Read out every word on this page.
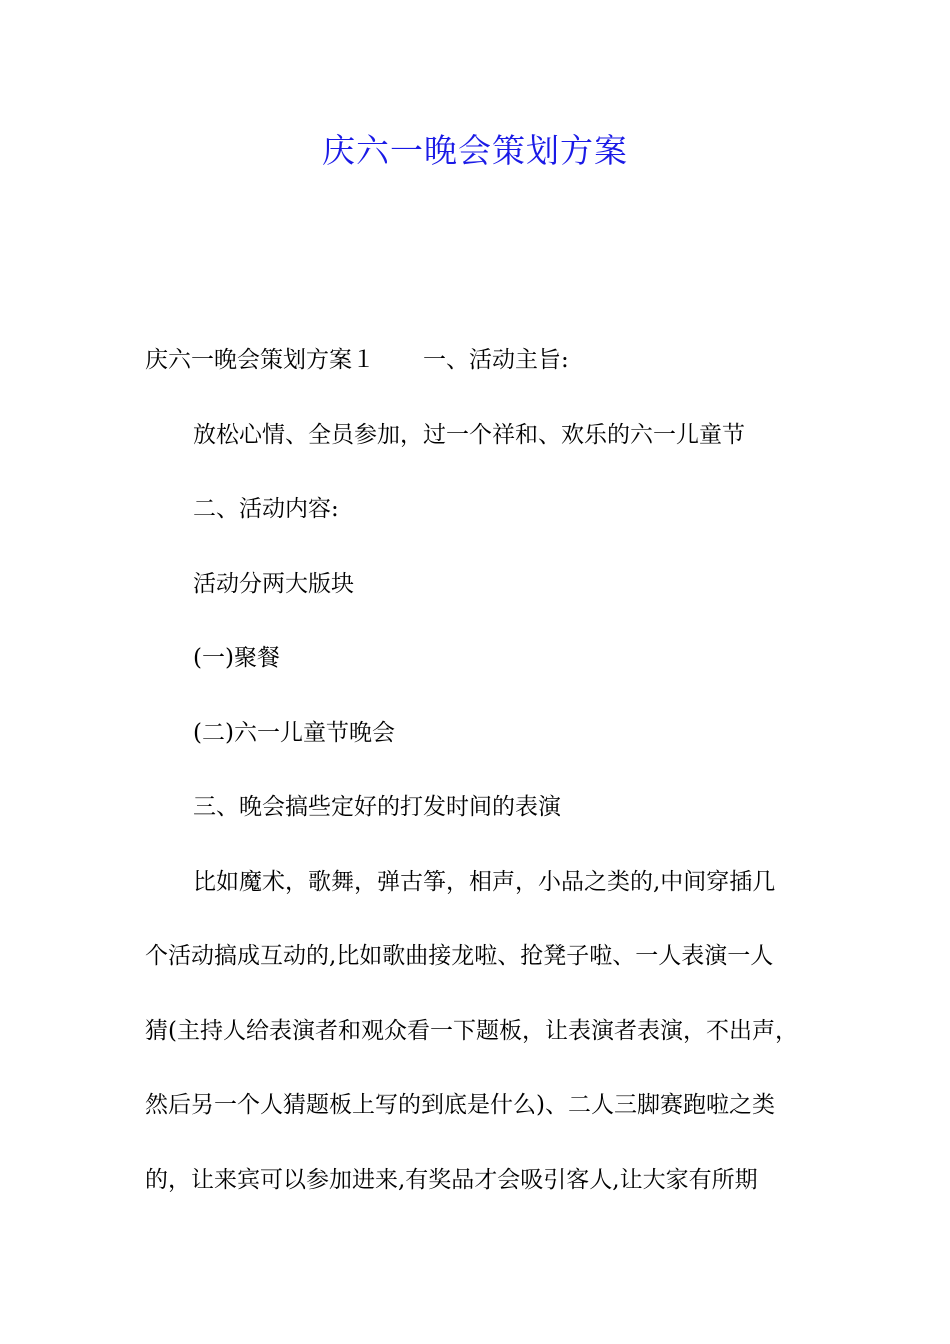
庆六一晚会策划方案
庆六一晚会策划方案１ 一、活动主旨:
放松心情、全员参加，过一个祥和、欢乐的六一儿童节
二、活动内容:
活动分两大版块
(一)聚餐
(二)六一儿童节晚会
三、晚会搞些定好的打发时间的表演
比如魔术，歌舞，弹古筝，相声，小品之类的,中间穿插几
个活动搞成互动的,比如歌曲接龙啦、抢凳子啦、一人表演一人
猜(主持人给表演者和观众看一下题板，让表演者表演，不出声，
然后另一个人猜题板上写的到底是什么)、二人三脚赛跑啦之类
的，让来宾可以参加进来,有奖品才会吸引客人,让大家有所期
